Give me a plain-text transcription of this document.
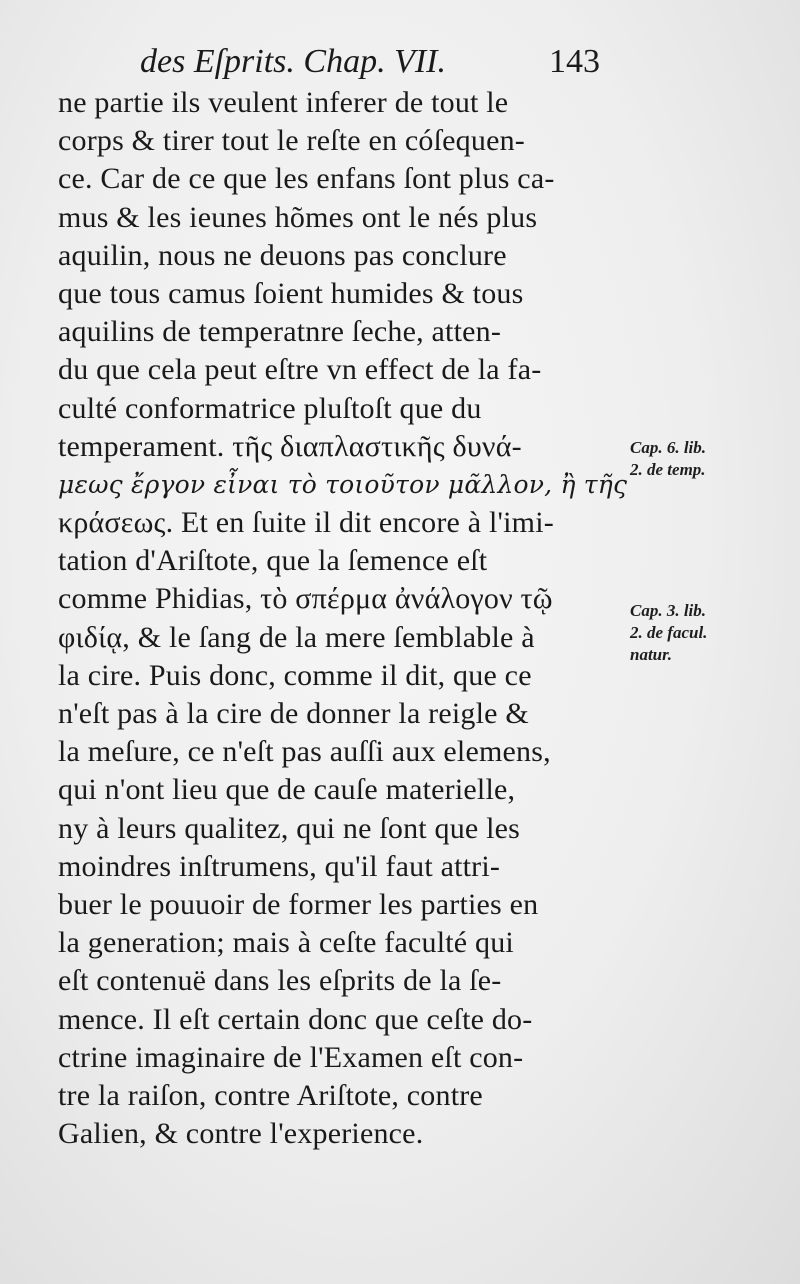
des Eſprits. Chap. VII.	143
ne partie ils veulent inferer de tout le
corps & tirer tout le reſte en cóſequen-
ce. Car de ce que les enfans ſont plus ca-
mus & les ieunes hõmes ont le nés plus
aquilin, nous ne deuons pas conclure
que tous camus ſoient humides & tous
aquilins de temperatnre ſeche, atten-
du que cela peut eſtre vn effect de la fa-
culté conformatrice pluſtoſt que du
temperament. τῆς διαπλαστικῆς δυνά-
μεως ἔργον εἶναι τὸ τοιοῦτον μᾶλλον, ἢ τῆς
κράσεως. Et en ſuite il dit encore à l'imi-
tation d'Ariſtote, que la ſemence eſt
comme Phidias, τὸ σπέρμα ἀνάλογον τῷ
φιδίᾳ, & le ſang de la mere ſemblable à
la cire. Puis donc, comme il dit, que ce
n'eſt pas à la cire de donner la reigle &
la meſure, ce n'eſt pas auſſi aux elemens,
qui n'ont lieu que de cauſe materielle,
ny à leurs qualitez, qui ne ſont que les
moindres inſtrumens, qu'il faut attri-
buer le pouuoir de former les parties en
la generation; mais à ceſte faculté qui
eſt contenuë dans les eſprits de la ſe-
mence. Il eſt certain donc que ceſte do-
ctrine imaginaire de l'Examen eſt con-
tre la raiſon, contre Ariſtote, contre
Galien, & contre l'experience.
Cap. 6. lib.
2. de temp.
Cap. 3. lib.
2. de facul.
natur.
